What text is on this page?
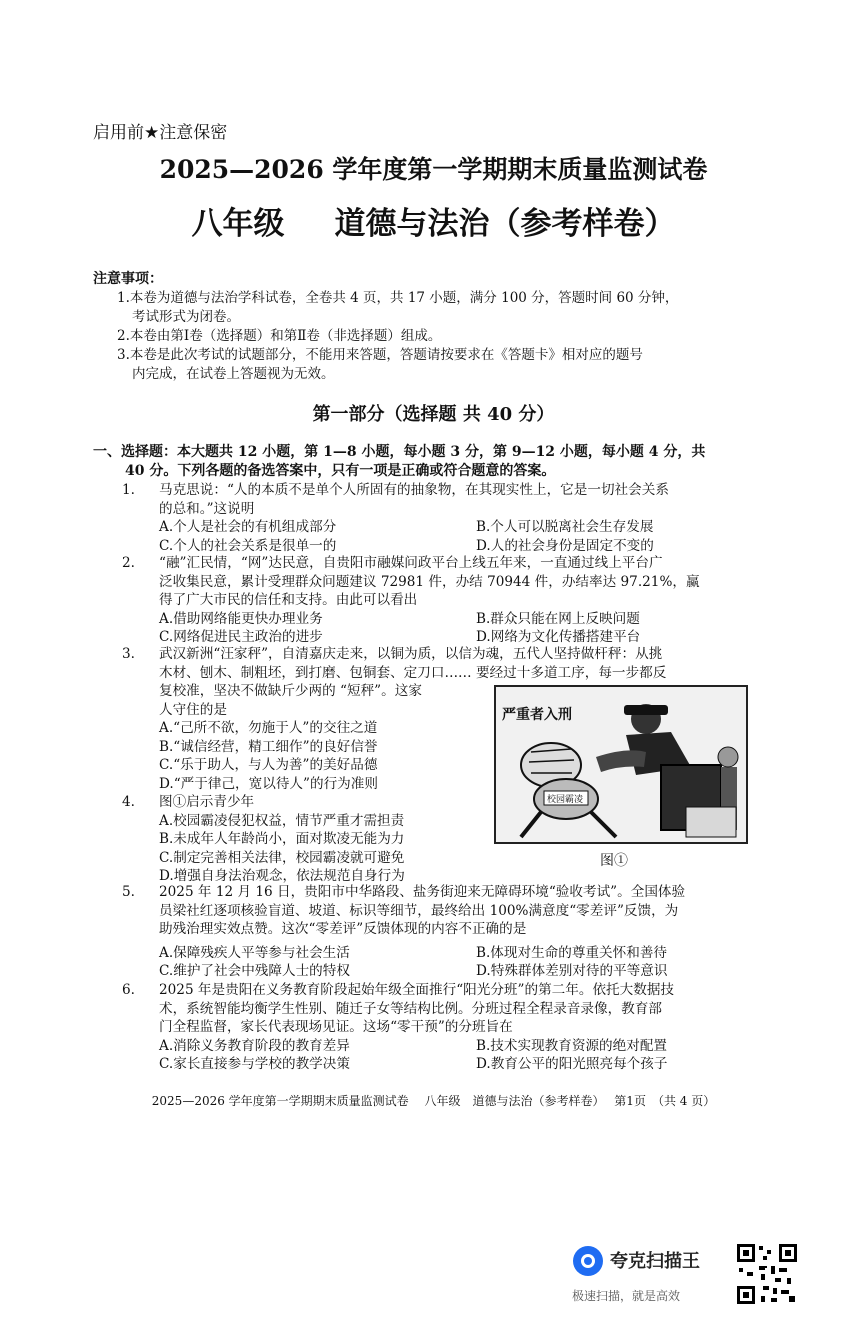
启用前★注意保密
2025—2026 学年度第一学期期末质量监测试卷
八年级 道德与法治（参考样卷）
注意事项：
1.本卷为道德与法治学科试卷，全卷共 4 页，共 17 小题，满分 100 分，答题时间 60 分钟，
考试形式为闭卷。
2.本卷由第Ⅰ卷（选择题）和第Ⅱ卷（非选择题）组成。
3.本卷是此次考试的试题部分，不能用来答题，答题请按要求在《答题卡》相对应的题号
内完成，在试卷上答题视为无效。
第一部分（选择题 共 40 分）
一、选择题：本大题共 12 小题，第 1—8 小题，每小题 3 分，第 9—12 小题，每小题 4 分，共
40 分。下列各题的备选答案中，只有一项是正确或符合题意的答案。
1. 马克思说：“人的本质不是单个人所固有的抽象物，在其现实性上，它是一切社会关系
的总和。”这说明
A.个人是社会的有机组成部分	B.个人可以脱离社会生存发展
C.个人的社会关系是很单一的	D.人的社会身份是固定不变的
2. “融”汇民情，“网”达民意，自贵阳市融媒问政平台上线五年来，一直通过线上平台广
泛收集民意，累计受理群众问题建议 72981 件，办结 70944 件，办结率达 97.21%，赢
得了广大市民的信任和支持。由此可以看出
A.借助网络能更快办理业务	B.群众只能在网上反映问题
C.网络促进民主政治的进步	D.网络为文化传播搭建平台
3. 武汉新洲“汪家秤”，自清嘉庆走来，以铜为质，以信为魂，五代人坚持做杆秤：从挑
木材、刨木、制粗坯，到打磨、包铜套、定刀口…… 要经过十多道工序，每一步都反
复校准，坚决不做缺斤少两的 “短秤”。这家
人守住的是
A.“己所不欲，勿施于人”的交往之道
B.“诚信经营，精工细作”的良好信誉
C.“乐于助人，与人为善”的美好品德
D.“严于律己，宽以待人”的行为准则
4. 图①启示青少年
A.校园霸凌侵犯权益，情节严重才需担责
B.未成年人年龄尚小，面对欺凌无能为力
C.制定完善相关法律，校园霸凌就可避免
D.增强自身法治观念，依法规范自身行为
严重者入刑
校园霸凌
图①
5. 2025 年 12 月 16 日，贵阳市中华路段、盐务街迎来无障碍环境“验收考试”。全国体验
员梁社红逐项核验盲道、坡道、标识等细节，最终给出 100%满意度“零差评”反馈，为
助残治理实效点赞。这次“零差评”反馈体现的内容不正确的是
A.保障残疾人平等参与社会生活	B.体现对生命的尊重关怀和善待
C.维护了社会中残障人士的特权	D.特殊群体差别对待的平等意识
6. 2025 年是贵阳在义务教育阶段起始年级全面推行“阳光分班”的第二年。依托大数据技
术，系统智能均衡学生性别、随迁子女等结构比例。分班过程全程录音录像，教育部
门全程监督，家长代表现场见证。这场“零干预”的分班旨在
A.消除义务教育阶段的教育差异	B.技术实现教育资源的绝对配置
C.家长直接参与学校的教学决策	D.教育公平的阳光照亮每个孩子
2025—2026 学年度第一学期期末质量监测试卷　 八年级　道德与法治（参考样卷）　 第1页　（共 4 页）
夸克扫描王
极速扫描，就是高效
